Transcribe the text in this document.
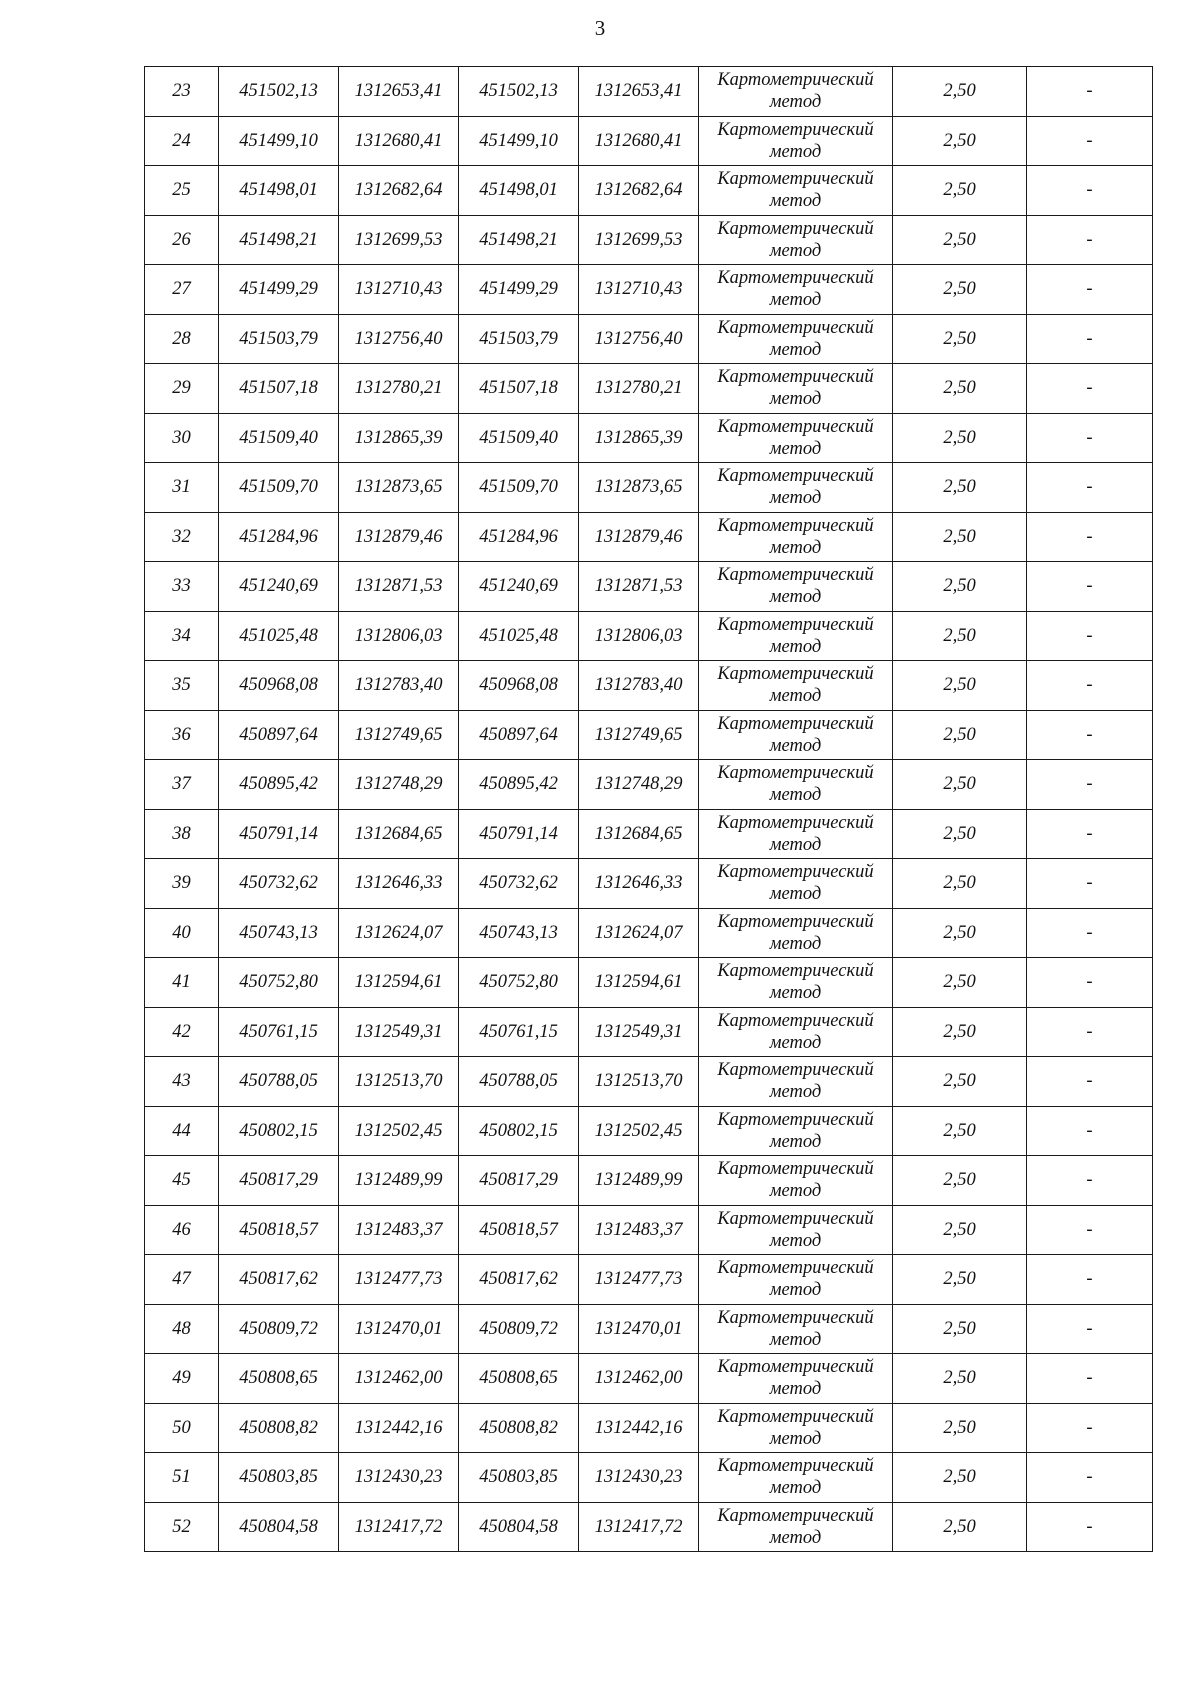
3
23	451502,13	1312653,41	451502,13	1312653,41	Картометрический
метод	2,50	-
24	451499,10	1312680,41	451499,10	1312680,41	Картометрический
метод	2,50	-
25	451498,01	1312682,64	451498,01	1312682,64	Картометрический
метод	2,50	-
26	451498,21	1312699,53	451498,21	1312699,53	Картометрический
метод	2,50	-
27	451499,29	1312710,43	451499,29	1312710,43	Картометрический
метод	2,50	-
28	451503,79	1312756,40	451503,79	1312756,40	Картометрический
метод	2,50	-
29	451507,18	1312780,21	451507,18	1312780,21	Картометрический
метод	2,50	-
30	451509,40	1312865,39	451509,40	1312865,39	Картометрический
метод	2,50	-
31	451509,70	1312873,65	451509,70	1312873,65	Картометрический
метод	2,50	-
32	451284,96	1312879,46	451284,96	1312879,46	Картометрический
метод	2,50	-
33	451240,69	1312871,53	451240,69	1312871,53	Картометрический
метод	2,50	-
34	451025,48	1312806,03	451025,48	1312806,03	Картометрический
метод	2,50	-
35	450968,08	1312783,40	450968,08	1312783,40	Картометрический
метод	2,50	-
36	450897,64	1312749,65	450897,64	1312749,65	Картометрический
метод	2,50	-
37	450895,42	1312748,29	450895,42	1312748,29	Картометрический
метод	2,50	-
38	450791,14	1312684,65	450791,14	1312684,65	Картометрический
метод	2,50	-
39	450732,62	1312646,33	450732,62	1312646,33	Картометрический
метод	2,50	-
40	450743,13	1312624,07	450743,13	1312624,07	Картометрический
метод	2,50	-
41	450752,80	1312594,61	450752,80	1312594,61	Картометрический
метод	2,50	-
42	450761,15	1312549,31	450761,15	1312549,31	Картометрический
метод	2,50	-
43	450788,05	1312513,70	450788,05	1312513,70	Картометрический
метод	2,50	-
44	450802,15	1312502,45	450802,15	1312502,45	Картометрический
метод	2,50	-
45	450817,29	1312489,99	450817,29	1312489,99	Картометрический
метод	2,50	-
46	450818,57	1312483,37	450818,57	1312483,37	Картометрический
метод	2,50	-
47	450817,62	1312477,73	450817,62	1312477,73	Картометрический
метод	2,50	-
48	450809,72	1312470,01	450809,72	1312470,01	Картометрический
метод	2,50	-
49	450808,65	1312462,00	450808,65	1312462,00	Картометрический
метод	2,50	-
50	450808,82	1312442,16	450808,82	1312442,16	Картометрический
метод	2,50	-
51	450803,85	1312430,23	450803,85	1312430,23	Картометрический
метод	2,50	-
52	450804,58	1312417,72	450804,58	1312417,72	Картометрический
метод	2,50	-
